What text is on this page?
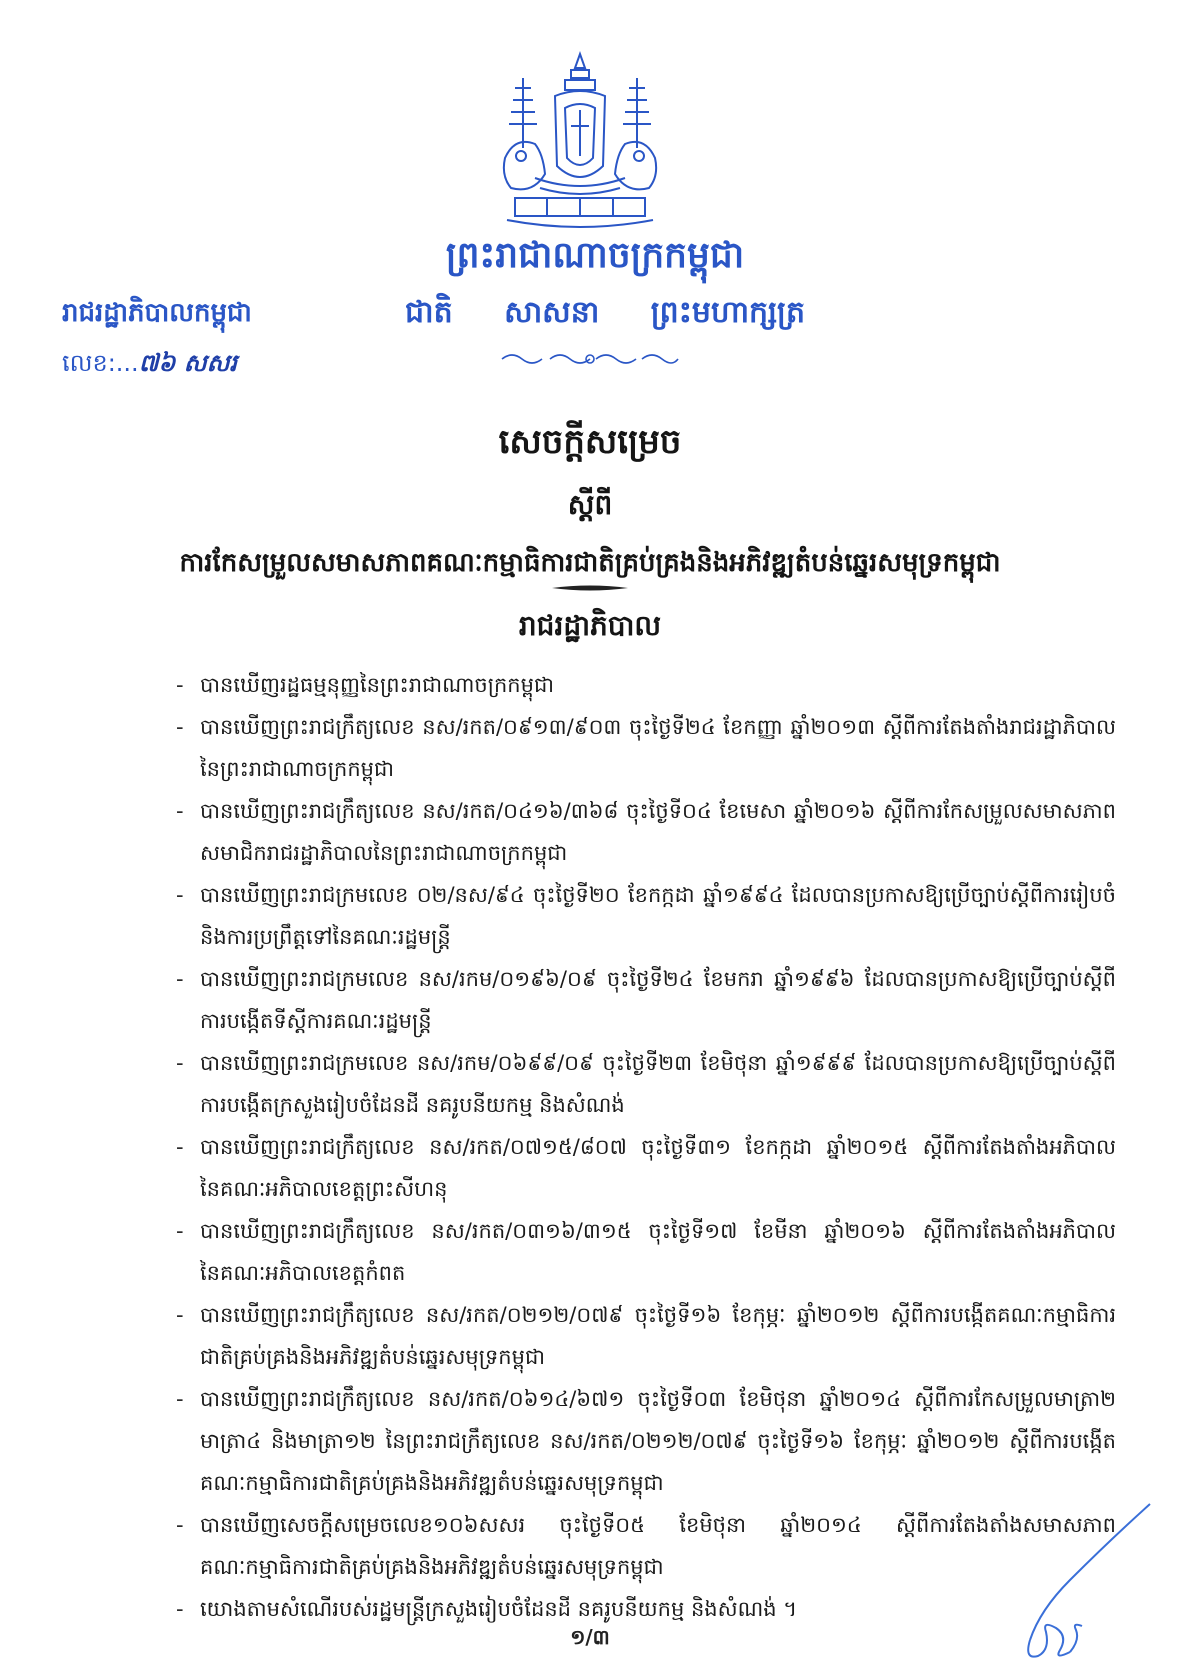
ព្រះរាជាណាចក្រកម្ពុជា
ជាតិ សាសនា ព្រះមហាក្សត្រ
រាជរដ្ឋាភិបាលកម្ពុជា
លេខ:...៧៦ សសរ
សេចក្ដីសម្រេច
ស្ដីពី
ការកែសម្រួលសមាសភាពគណៈកម្មាធិការជាតិគ្រប់គ្រងនិងអភិវឌ្ឍតំបន់ឆ្នេរសមុទ្រកម្ពុជា
រាជរដ្ឋាភិបាល
- បានឃើញរដ្ឋធម្មនុញ្ញនៃព្រះរាជាណាចក្រកម្ពុជា
- បានឃើញព្រះរាជក្រឹត្យលេខ នស/រកត/០៩១៣/៩០៣ ចុះថ្ងៃទី២៤ ខែកញ្ញា ឆ្នាំ២០១៣ ស្ដីពីការតែងតាំងរាជរដ្ឋាភិបាលនៃព្រះរាជាណាចក្រកម្ពុជា
- បានឃើញព្រះរាជក្រឹត្យលេខ នស/រកត/០៤១៦/៣៦៨ ចុះថ្ងៃទី០៤ ខែមេសា ឆ្នាំ២០១៦ ស្ដីពីការកែសម្រួលសមាសភាពសមាជិករាជរដ្ឋាភិបាលនៃព្រះរាជាណាចក្រកម្ពុជា
- បានឃើញព្រះរាជក្រមលេខ ០២/នស/៩៤ ចុះថ្ងៃទី២០ ខែកក្កដា ឆ្នាំ១៩៩៤ ដែលបានប្រកាសឱ្យប្រើច្បាប់ស្ដីពីការរៀបចំ និងការប្រព្រឹត្តទៅនៃគណៈរដ្ឋមន្ត្រី
- បានឃើញព្រះរាជក្រមលេខ នស/រកម/០១៩៦/០៩ ចុះថ្ងៃទី២៤ ខែមករា ឆ្នាំ១៩៩៦ ដែលបានប្រកាសឱ្យប្រើច្បាប់ស្ដីពីការបង្កើតទីស្ដីការគណៈរដ្ឋមន្ត្រី
- បានឃើញព្រះរាជក្រមលេខ នស/រកម/០៦៩៩/០៩ ចុះថ្ងៃទី២៣ ខែមិថុនា ឆ្នាំ១៩៩៩ ដែលបានប្រកាសឱ្យប្រើច្បាប់ស្ដីពីការបង្កើតក្រសួងរៀបចំដែនដី នគរូបនីយកម្ម និងសំណង់
- បានឃើញព្រះរាជក្រឹត្យលេខ នស/រកត/០៧១៥/៨០៧ ចុះថ្ងៃទី៣១ ខែកក្កដា ឆ្នាំ២០១៥ ស្ដីពីការតែងតាំងអភិបាលនៃគណៈអភិបាលខេត្តព្រះសីហនុ
- បានឃើញព្រះរាជក្រឹត្យលេខ នស/រកត/០៣១៦/៣១៥ ចុះថ្ងៃទី១៧ ខែមីនា ឆ្នាំ២០១៦ ស្ដីពីការតែងតាំងអភិបាលនៃគណៈអភិបាលខេត្តកំពត
- បានឃើញព្រះរាជក្រឹត្យលេខ នស/រកត/០២១២/០៧៩ ចុះថ្ងៃទី១៦ ខែកុម្ភៈ ឆ្នាំ២០១២ ស្ដីពីការបង្កើតគណៈកម្មាធិការជាតិគ្រប់គ្រងនិងអភិវឌ្ឍតំបន់ឆ្នេរសមុទ្រកម្ពុជា
- បានឃើញព្រះរាជក្រឹត្យលេខ នស/រកត/០៦១៤/៦៧១ ចុះថ្ងៃទី០៣ ខែមិថុនា ឆ្នាំ២០១៤ ស្ដីពីការកែសម្រួលមាត្រា២ មាត្រា៤ និងមាត្រា១២ នៃព្រះរាជក្រឹត្យលេខ នស/រកត/០២១២/០៧៩ ចុះថ្ងៃទី១៦ ខែកុម្ភៈ ឆ្នាំ២០១២ ស្ដីពីការបង្កើតគណៈកម្មាធិការជាតិគ្រប់គ្រងនិងអភិវឌ្ឍតំបន់ឆ្នេរសមុទ្រកម្ពុជា
- បានឃើញសេចក្ដីសម្រេចលេខ១០៦សសរ ចុះថ្ងៃទី០៥ ខែមិថុនា ឆ្នាំ២០១៤ ស្ដីពីការតែងតាំងសមាសភាពគណៈកម្មាធិការជាតិគ្រប់គ្រងនិងអភិវឌ្ឍតំបន់ឆ្នេរសមុទ្រកម្ពុជា
- យោងតាមសំណើរបស់រដ្ឋមន្ត្រីក្រសួងរៀបចំដែនដី នគរូបនីយកម្ម និងសំណង់ ។
១/៣
